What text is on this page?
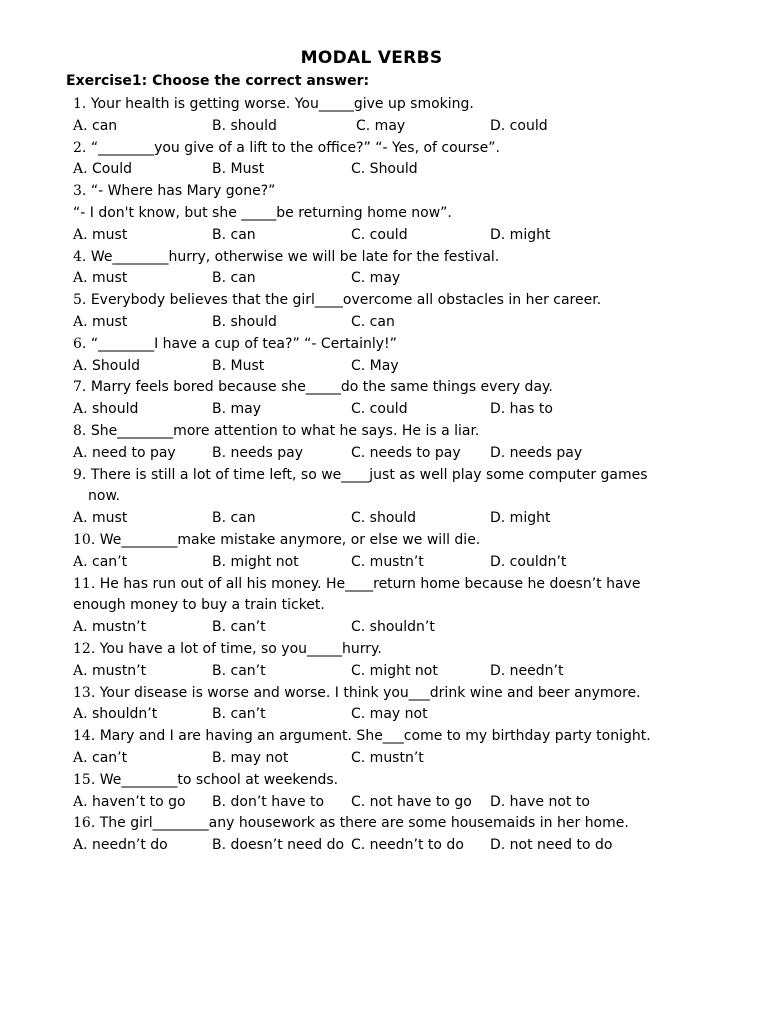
MODAL VERBS
Exercise1: Choose the correct answer:
1. Your health is getting worse. You_____give up smoking.
A. can	B. should	C. may	D. could
2. “________you give of a lift to the office?” “- Yes, of course”.
A. Could	B. Must	C. Should
3. “- Where has Mary gone?”
“- I don't know, but she _____be returning home now”.
A. must	B. can	C. could	D. might
4. We________hurry, otherwise we will be late for the festival.
A. must	B. can	C. may
5. Everybody believes that the girl____overcome all obstacles in her career.
A. must	B. should	C. can
6. “________I have a cup of tea?” “- Certainly!”
A. Should	B. Must	C. May
7. Marry feels bored because she_____do the same things every day.
A. should	B. may	C. could	D. has to
8. She________more attention to what he says. He is a liar.
A. need to pay	B. needs pay	C. needs to pay D. needs pay
9. There is still a lot of time left, so we____just as well play some computer games now.
A. must	B. can	C. should	D. might
10. We________make mistake anymore, or else we will die.
A. can’t	B. might not	C. mustn’t	D. couldn’t
11. He has run out of all his money. He____return home because he doesn’t have enough money to buy a train ticket.
A. mustn’t	B. can’t	C. shouldn’t
12. You have a lot of time, so you_____hurry.
A. mustn’t	B. can’t	C. might not	D. needn’t
13. Your disease is worse and worse. I think you___drink wine and beer anymore.
A. shouldn’t	B. can’t	C. may not
14. Mary and I are having an argument. She___come to my birthday party tonight.
A. can’t	B. may not	C. mustn’t
15. We________to school at weekends.
A. haven’t to go B. don’t have to C. not have to go D. have not to
16. The girl________any housework as there are some housemaids in her home.
A. needn’t do	B. doesn’t need do C. needn’t to do D. not need to do
